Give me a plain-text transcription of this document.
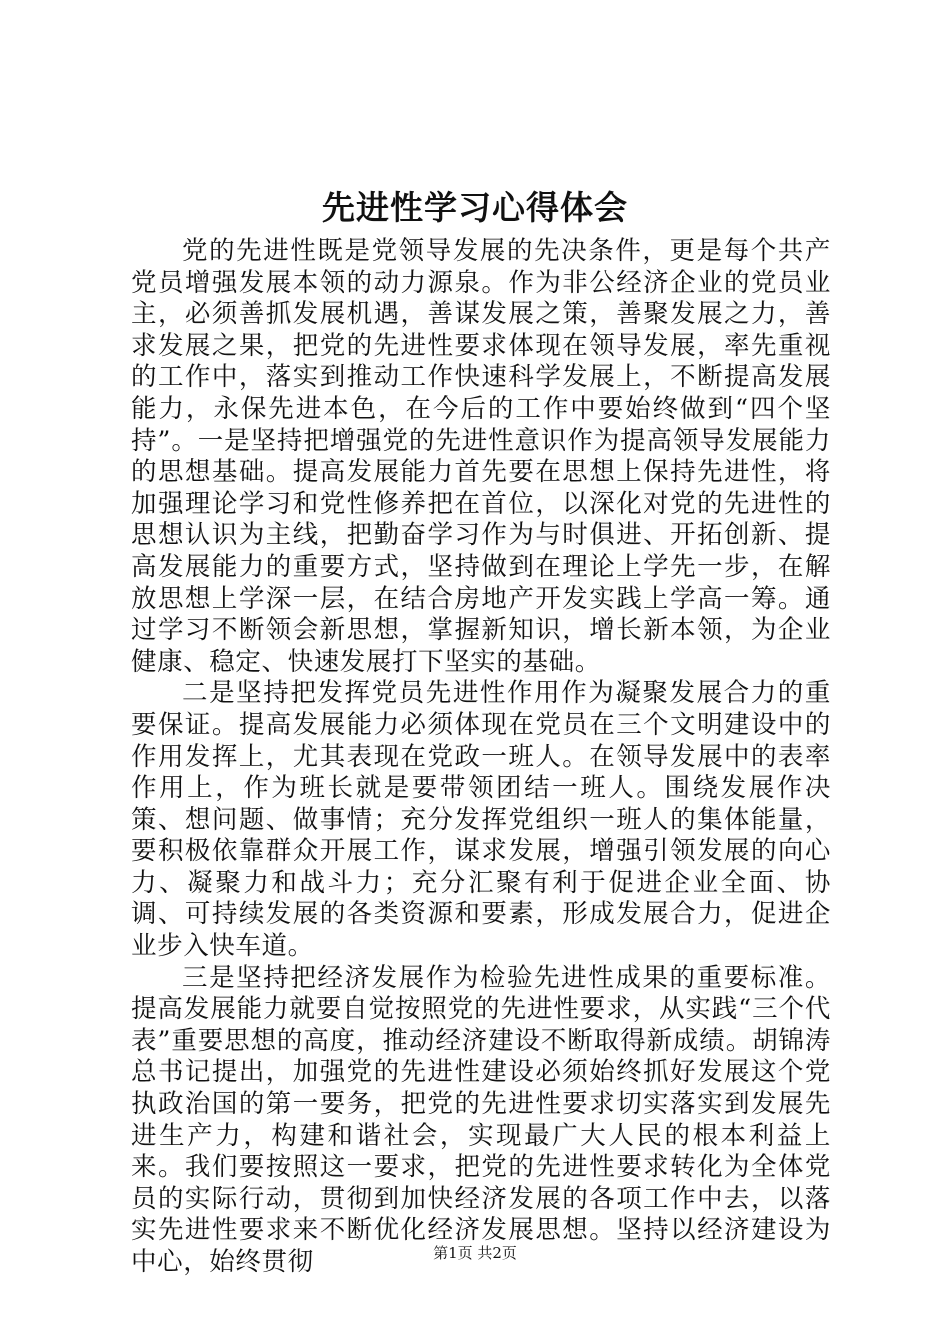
先进性学习心得体会

党的先进性既是党领导发展的先决条件，更是每个共产党员增强发展本领的动力源泉。作为非公经济企业的党员业主，必须善抓发展机遇，善谋发展之策，善聚发展之力，善求发展之果，把党的先进性要求体现在领导发展，率先重视的工作中，落实到推动工作快速科学发展上，不断提高发展能力，永保先进本色，在今后的工作中要始终做到“四个坚持”。一是坚持把增强党的先进性意识作为提高领导发展能力的思想基础。提高发展能力首先要在思想上保持先进性，将加强理论学习和党性修养把在首位，以深化对党的先进性的思想认识为主线，把勤奋学习作为与时俱进、开拓创新、提高发展能力的重要方式，坚持做到在理论上学先一步，在解放思想上学深一层，在结合房地产开发实践上学高一筹。通过学习不断领会新思想，掌握新知识，增长新本领，为企业健康、稳定、快速发展打下坚实的基础。

二是坚持把发挥党员先进性作用作为凝聚发展合力的重要保证。提高发展能力必须体现在党员在三个文明建设中的作用发挥上，尤其表现在党政一班人。在领导发展中的表率作用上，作为班长就是要带领团结一班人。围绕发展作决策、想问题、做事情；充分发挥党组织一班人的集体能量，要积极依靠群众开展工作，谋求发展，增强引领发展的向心力、凝聚力和战斗力；充分汇聚有利于促进企业全面、协调、可持续发展的各类资源和要素，形成发展合力，促进企业步入快车道。

三是坚持把经济发展作为检验先进性成果的重要标准。提高发展能力就要自觉按照党的先进性要求，从实践“三个代表”重要思想的高度，推动经济建设不断取得新成绩。胡锦涛总书记提出，加强党的先进性建设必须始终抓好发展这个党执政治国的第一要务，把党的先进性要求切实落实到发展先进生产力，构建和谐社会，实现最广大人民的根本利益上来。我们要按照这一要求，把党的先进性要求转化为全体党员的实际行动，贯彻到加快经济发展的各项工作中去，以落实先进性要求来不断优化经济发展思想。坚持以经济建设为中心，始终贯彻	第1页 共2页
